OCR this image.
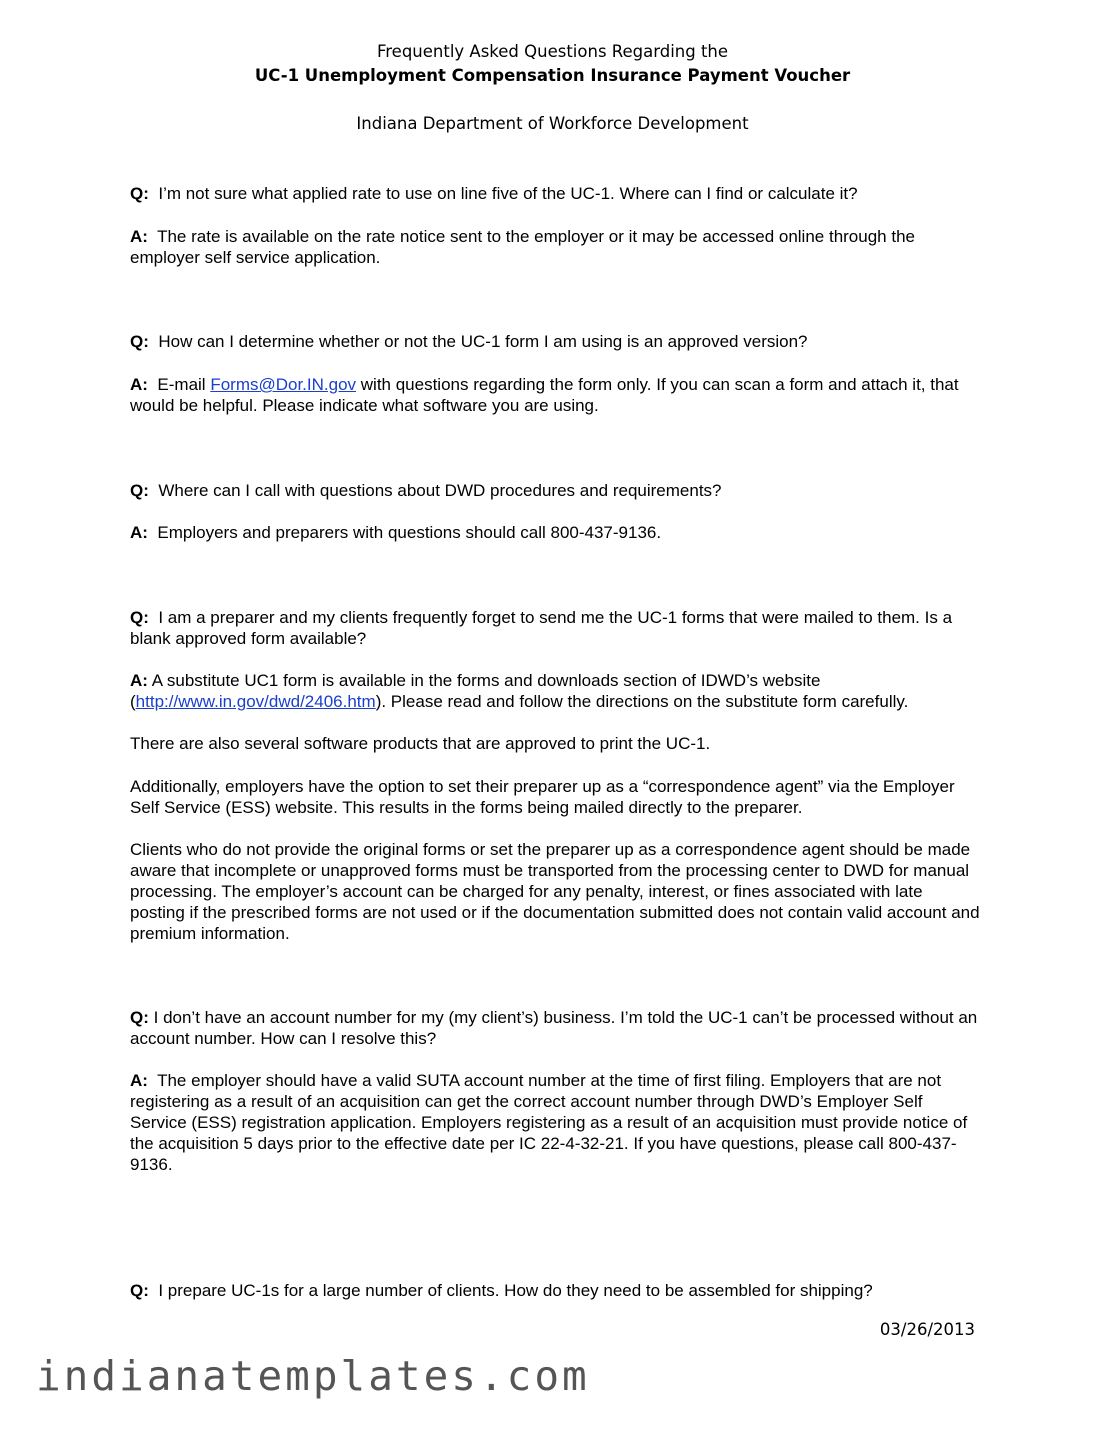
Frequently Asked Questions Regarding the
UC-1 Unemployment Compensation Insurance Payment Voucher
Indiana Department of Workforce Development

Q: I’m not sure what applied rate to use on line five of the UC-1. Where can I find or calculate it?

A: The rate is available on the rate notice sent to the employer or it may be accessed online through the employer self service application.

Q: How can I determine whether or not the UC-1 form I am using is an approved version?

A: E-mail Forms@Dor.IN.gov with questions regarding the form only. If you can scan a form and attach it, that would be helpful. Please indicate what software you are using.

Q: Where can I call with questions about DWD procedures and requirements?

A: Employers and preparers with questions should call 800-437-9136.

Q: I am a preparer and my clients frequently forget to send me the UC-1 forms that were mailed to them. Is a blank approved form available?

A: A substitute UC1 form is available in the forms and downloads section of IDWD’s website (http://www.in.gov/dwd/2406.htm). Please read and follow the directions on the substitute form carefully.

There are also several software products that are approved to print the UC-1.

Additionally, employers have the option to set their preparer up as a “correspondence agent” via the Employer Self Service (ESS) website. This results in the forms being mailed directly to the preparer.

Clients who do not provide the original forms or set the preparer up as a correspondence agent should be made aware that incomplete or unapproved forms must be transported from the processing center to DWD for manual processing. The employer’s account can be charged for any penalty, interest, or fines associated with late posting if the prescribed forms are not used or if the documentation submitted does not contain valid account and premium information.

Q: I don’t have an account number for my (my client’s) business. I’m told the UC-1 can’t be processed without an account number. How can I resolve this?

A: The employer should have a valid SUTA account number at the time of first filing. Employers that are not registering as a result of an acquisition can get the correct account number through DWD’s Employer Self Service (ESS) registration application. Employers registering as a result of an acquisition must provide notice of the acquisition 5 days prior to the effective date per IC 22-4-32-21. If you have questions, please call 800-437-9136.

Q: I prepare UC-1s for a large number of clients. How do they need to be assembled for shipping?

03/26/2013
indianatemplates.com
